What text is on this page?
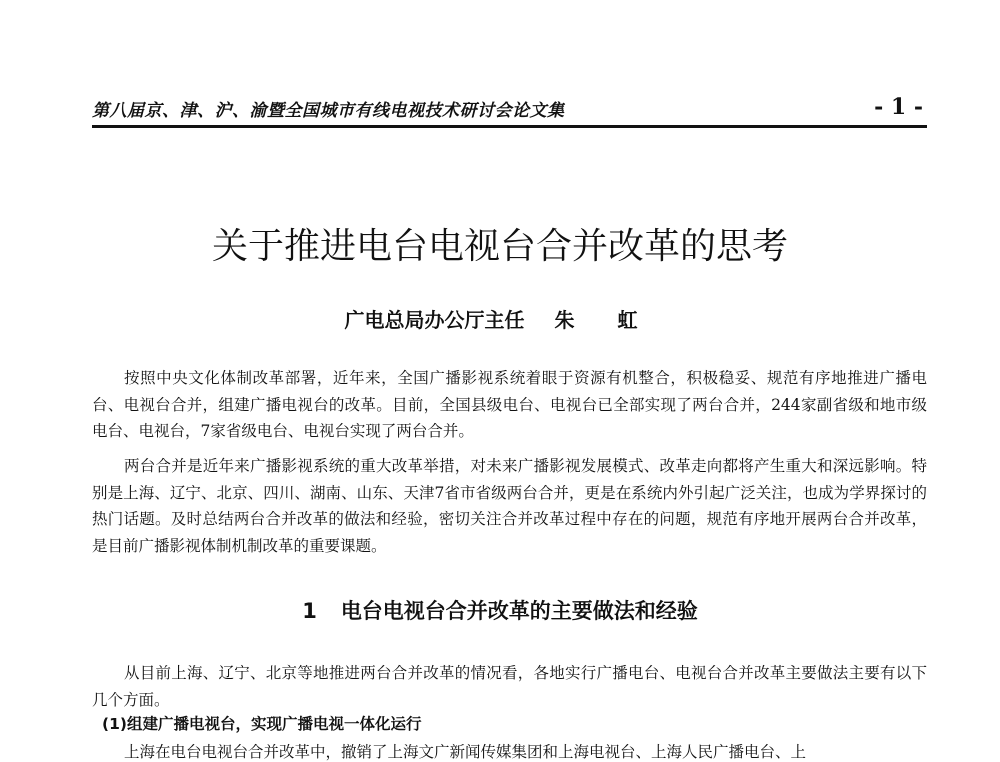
第八届京、津、沪、渝暨全国城市有线电视技术研讨会论文集	- 1 -
关于推进电台电视台合并改革的思考
广电总局办公厅主任 朱 虹

按照中央文化体制改革部署，近年来，全国广播影视系统着眼于资源有机整合，积极稳妥、规范有序地推进广播电台、电视台合并，组建广播电视台的改革。目前，全国县级电台、电视台已全部实现了两台合并，244家副省级和地市级电台、电视台，7家省级电台、电视台实现了两台合并。

两台合并是近年来广播影视系统的重大改革举措，对未来广播影视发展模式、改革走向都将产生重大和深远影响。特别是上海、辽宁、北京、四川、湖南、山东、天津7省市省级两台合并，更是在系统内外引起广泛关注，也成为学界探讨的热门话题。及时总结两台合并改革的做法和经验，密切关注合并改革过程中存在的问题，规范有序地开展两台合并改革，是目前广播影视体制机制改革的重要课题。

1 电台电视台合并改革的主要做法和经验

从目前上海、辽宁、北京等地推进两台合并改革的情况看，各地实行广播电台、电视台合并改革主要做法主要有以下几个方面。

(1)组建广播电视台，实现广播电视一体化运行
上海在电台电视台合并改革中，撤销了上海文广新闻传媒集团和上海电视台、上海人民广播电台、上
